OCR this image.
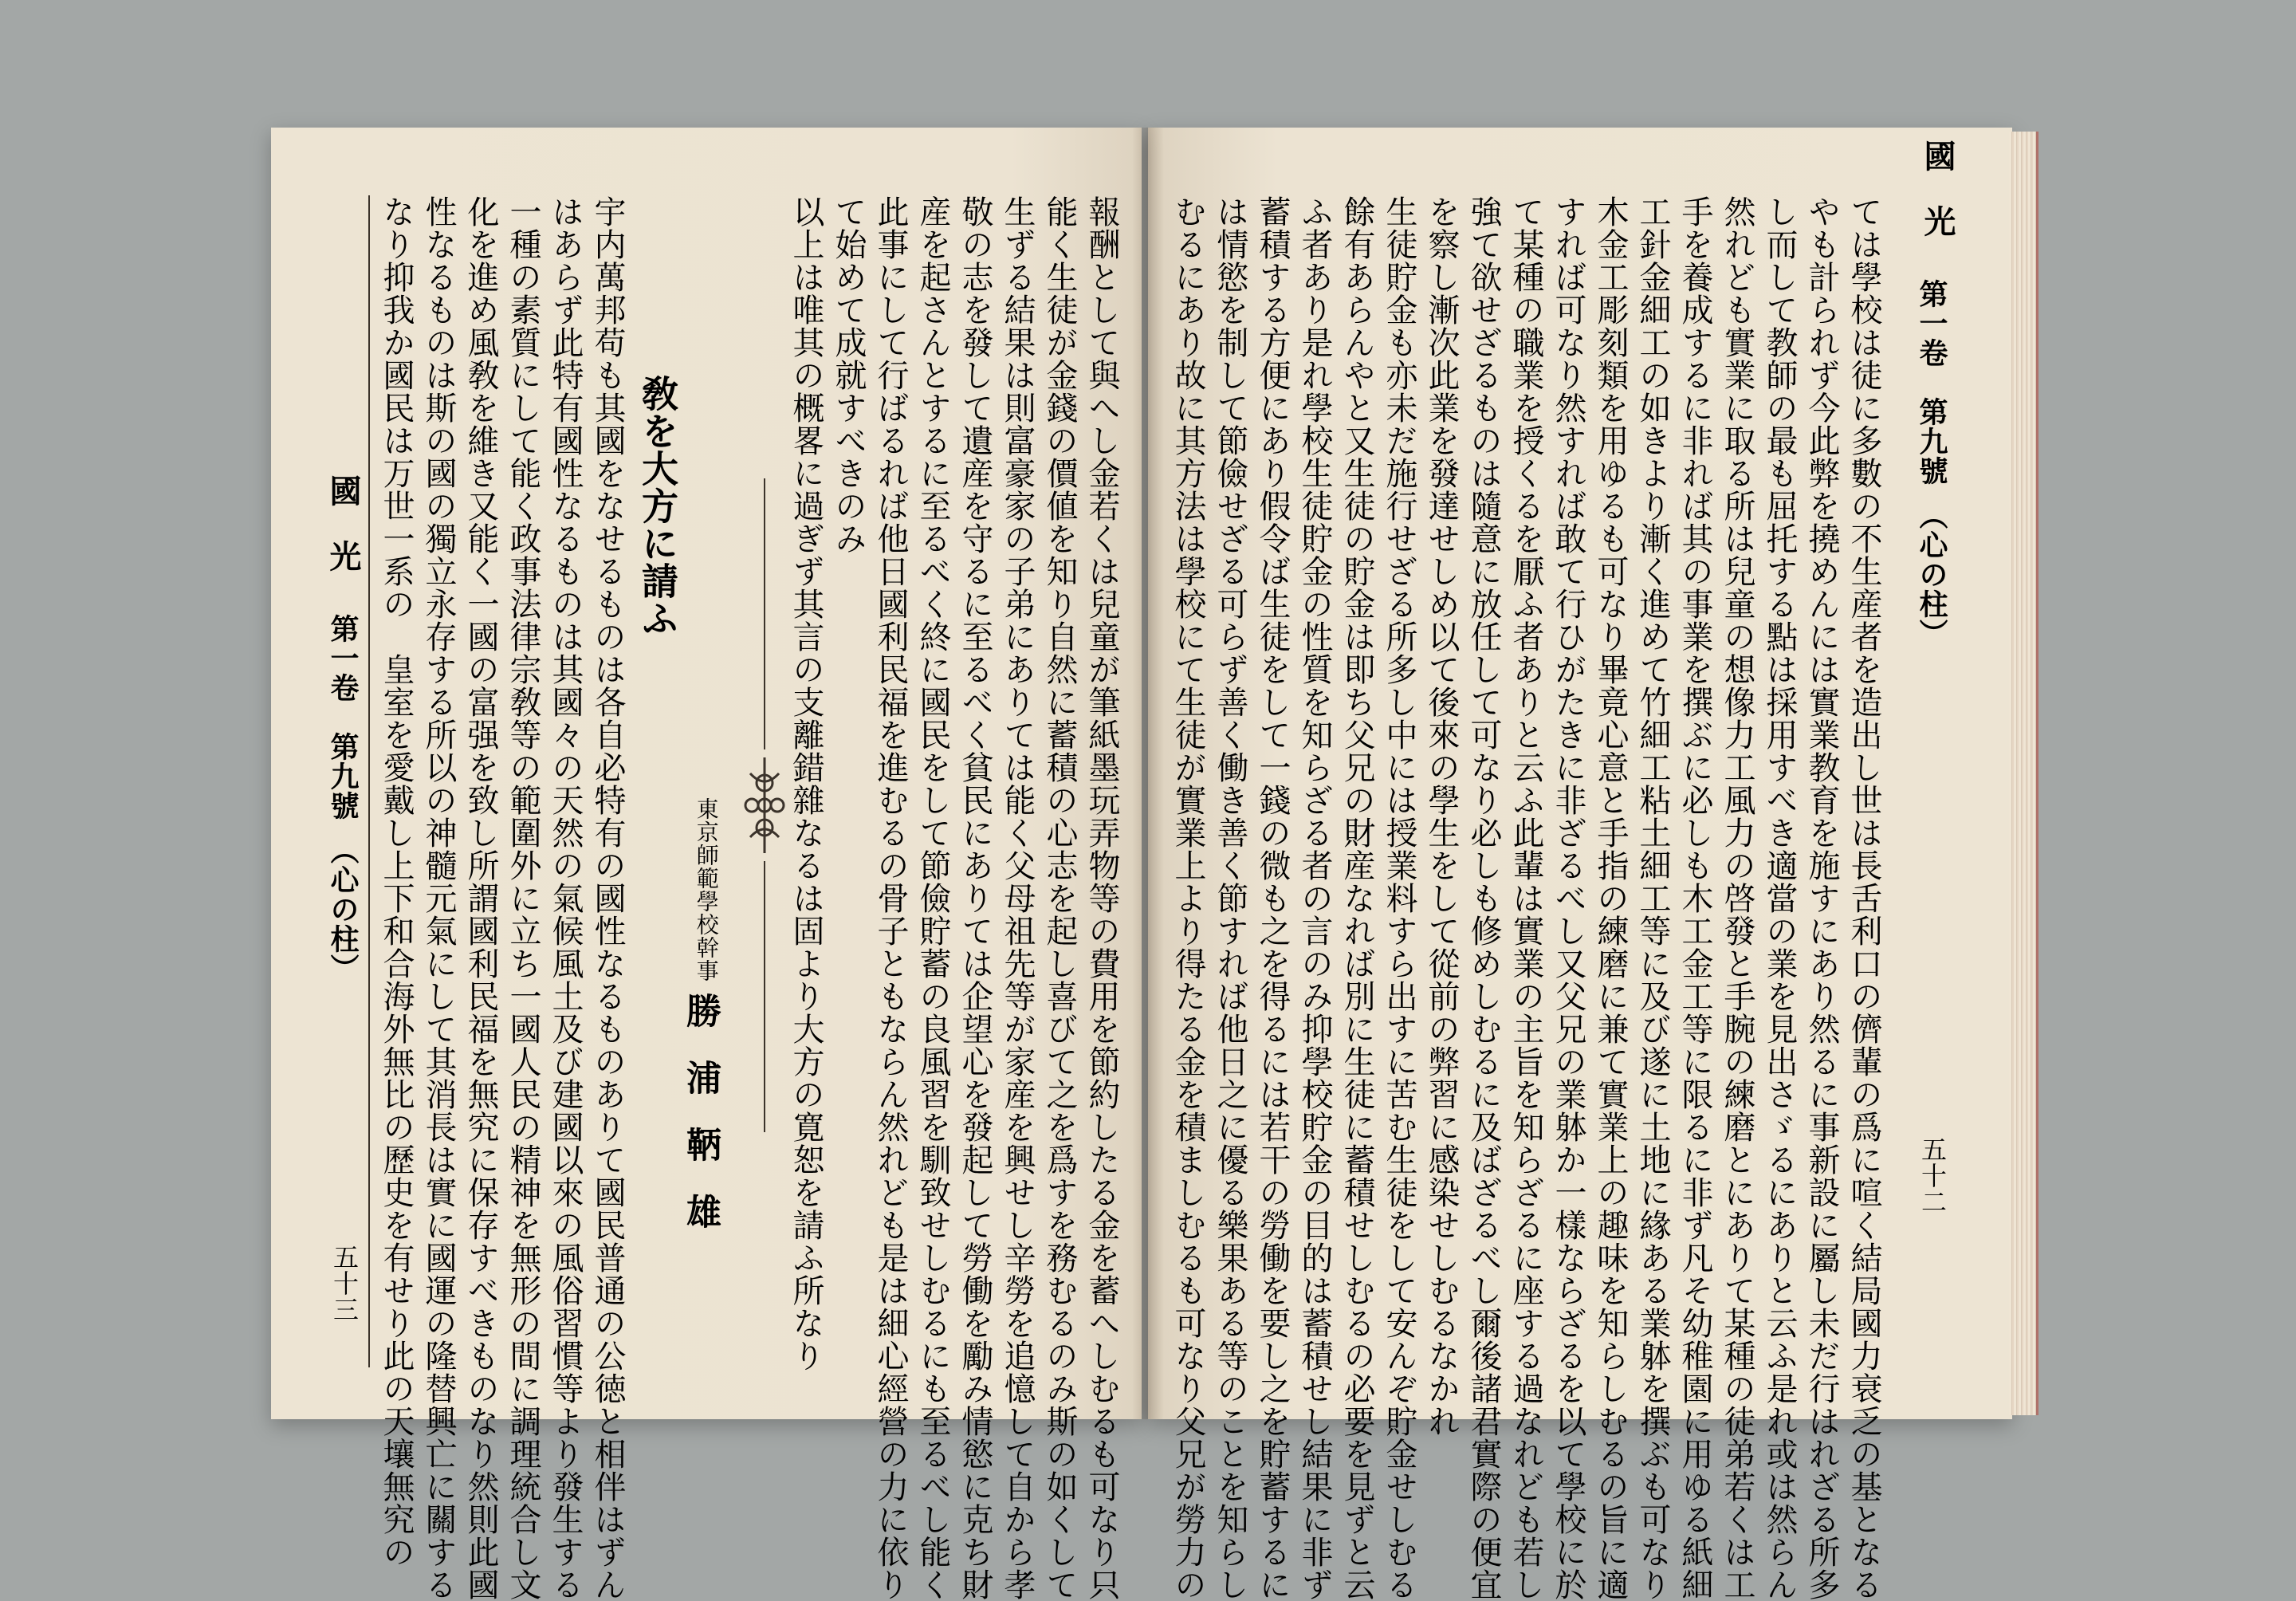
國　光
第一卷　第九號　（心の柱）
五十二
ては學校は徒に多數の不生産者を造出し世は長舌利口の儕輩の爲に喧く結局國力衰乏の基となる
やも計られず今此弊を撓めんには實業教育を施すにあり然るに事新設に屬し未だ行はれざる所多
し而して教師の最も屈托する點は採用すべき適當の業を見出さゞるにありと云ふ是れ或は然らん
然れども實業に取る所は兒童の想像力工風力の啓發と手腕の練磨とにありて某種の徒弟若くは工
手を養成するに非れば其の事業を撰ぶに必しも木工金工等に限るに非ず凡そ幼稚園に用ゆる紙細
工針金細工の如きより漸く進めて竹細工粘土細工等に及び遂に土地に緣ある業躰を撰ぶも可なり
木金工彫刻類を用ゆるも可なり畢竟心意と手指の練磨に兼て實業上の趣味を知らしむるの旨に適
すれば可なり然すれば敢て行ひがたきに非ざるべし又父兄の業躰か一樣ならざるを以て學校に於
て某種の職業を授くるを厭ふ者ありと云ふ此輩は實業の主旨を知らざるに座する過なれども若し
強て欲せざるものは隨意に放任して可なり必しも修めしむるに及ばざるべし爾後諸君實際の便宜
を察し漸次此業を發達せしめ以て後來の學生をして從前の弊習に感染せしむるなかれ
生徒貯金も亦未だ施行せざる所多し中には授業料すら出すに苦む生徒をして安んぞ貯金せしむる
餘有あらんやと又生徒の貯金は即ち父兄の財産なれば別に生徒に蓄積せしむるの必要を見ずと云
ふ者あり是れ學校生徒貯金の性質を知らざる者の言のみ抑學校貯金の目的は蓄積せし結果に非ず
蓄積する方便にあり假令ば生徒をして一錢の微も之を得るには若干の勞働を要し之を貯蓄するに
は情慾を制して節儉せざる可らず善く働き善く節すれば他日之に優る樂果ある等のことを知らし
むるにあり故に其方法は學校にて生徒が實業上より得たる金を積ましむるも可なり父兄が勞力の
報酬として與へし金若くは兒童が筆紙墨玩弄物等の費用を節約したる金を蓄へしむるも可なり只
能く生徒が金錢の價値を知り自然に蓄積の心志を起し喜びて之を爲すを務むるのみ斯の如くして
生ずる結果は則富豪家の子弟にありては能く父母祖先等が家産を興せし辛勞を追憶して自から孝
敬の志を發して遺産を守るに至るべく貧民にありては企望心を發起して勞働を勵み情慾に克ち財
産を起さんとするに至るべく終に國民をして節儉貯蓄の良風習を馴致せしむるにも至るべし能く
此事にして行ばるれば他日國利民福を進むるの骨子ともならん然れども是は細心經營の力に依り
て始めて成就すべきのみ
以上は唯其の概畧に過ぎず其言の支離錯雜なるは固より大方の寛恕を請ふ所なり
敎を大方に請ふ
東京師範學校幹事
勝浦鞆雄
宇内萬邦苟も其國をなせるものは各自必特有の國性なるものありて國民普通の公徳と相伴はずん
はあらず此特有國性なるものは其國々の天然の氣候風土及び建國以來の風俗習慣等より發生する
一種の素質にして能く政事法律宗敎等の範圍外に立ち一國人民の精神を無形の間に調理統合し文
化を進め風敎を維き又能く一國の富强を致し所謂國利民福を無究に保存すべきものなり然則此國
性なるものは斯の國の獨立永存する所以の神髓元氣にして其消長は實に國運の隆替興亡に關する
なり抑我か國民は万世一系の　皇室を愛戴し上下和合海外無比の歷史を有せり此の天壤無究の
國　光
第一卷　第九號　（心の柱）
五十三
